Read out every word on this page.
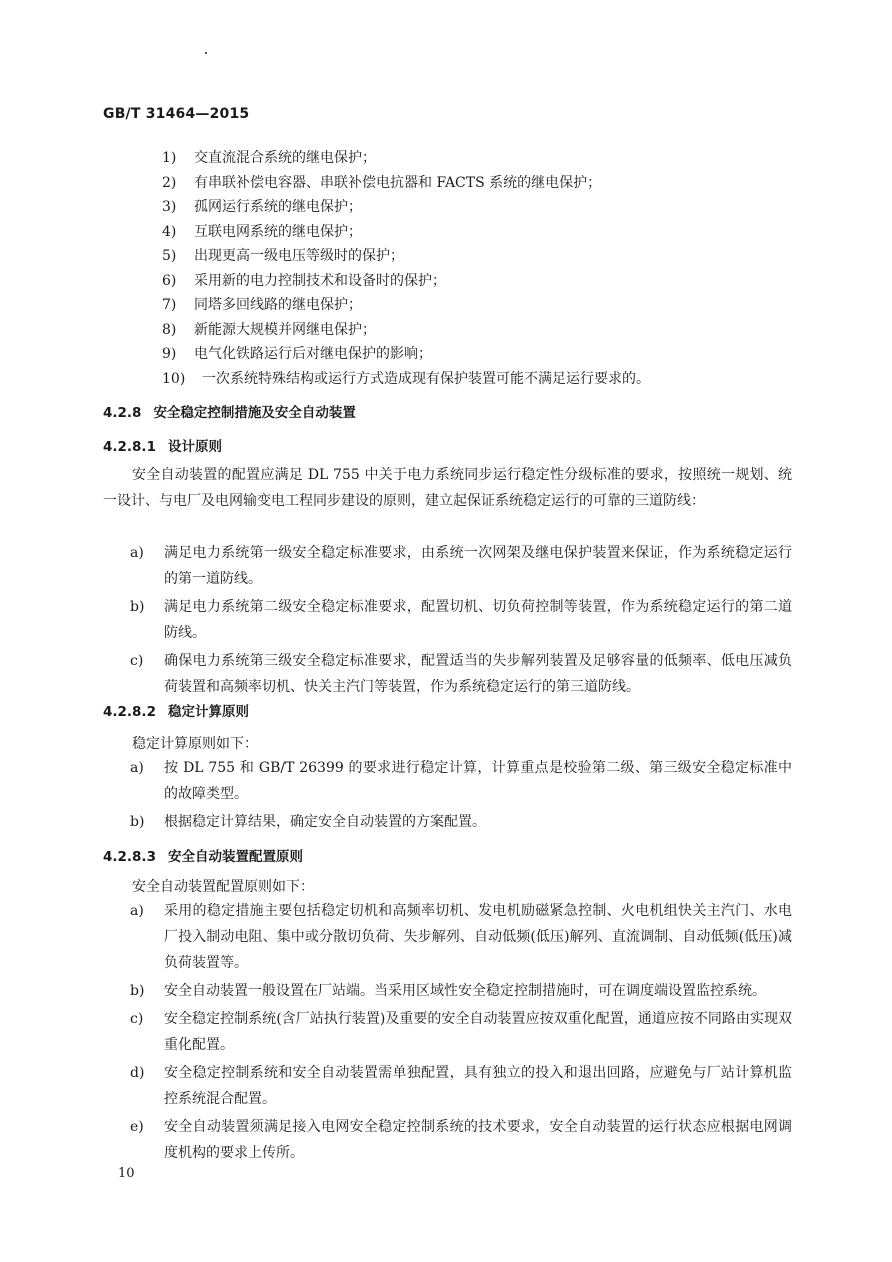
GB/T 31464—2015
1) 交直流混合系统的继电保护；
2) 有串联补偿电容器、串联补偿电抗器和 FACTS 系统的继电保护；
3) 孤网运行系统的继电保护；
4) 互联电网系统的继电保护；
5) 出现更高一级电压等级时的保护；
6) 采用新的电力控制技术和设备时的保护；
7) 同塔多回线路的继电保护；
8) 新能源大规模并网继电保护；
9) 电气化铁路运行后对继电保护的影响；
10) 一次系统特殊结构或运行方式造成现有保护装置可能不满足运行要求的。
4.2.8 安全稳定控制措施及安全自动装置
4.2.8.1 设计原则

安全自动装置的配置应满足 DL 755 中关于电力系统同步运行稳定性分级标准的要求，按照统一规划、统一设计、与电厂及电网输变电工程同步建设的原则，建立起保证系统稳定运行的可靠的三道防线：

a) 满足电力系统第一级安全稳定标准要求，由系统一次网架及继电保护装置来保证，作为系统稳定运行的第一道防线。
b) 满足电力系统第二级安全稳定标准要求，配置切机、切负荷控制等装置，作为系统稳定运行的第二道防线。
c) 确保电力系统第三级安全稳定标准要求，配置适当的失步解列装置及足够容量的低频率、低电压减负荷装置和高频率切机、快关主汽门等装置，作为系统稳定运行的第三道防线。
4.2.8.2 稳定计算原则

稳定计算原则如下：

a) 按 DL 755 和 GB/T 26399 的要求进行稳定计算，计算重点是校验第二级、第三级安全稳定标准中的故障类型。
b) 根据稳定计算结果，确定安全自动装置的方案配置。
4.2.8.3 安全自动装置配置原则

安全自动装置配置原则如下：

a) 采用的稳定措施主要包括稳定切机和高频率切机、发电机励磁紧急控制、火电机组快关主汽门、水电厂投入制动电阻、集中或分散切负荷、失步解列、自动低频(低压)解列、直流调制、自动低频(低压)减负荷装置等。
b) 安全自动装置一般设置在厂站端。当采用区域性安全稳定控制措施时，可在调度端设置监控系统。
c) 安全稳定控制系统(含厂站执行装置)及重要的安全自动装置应按双重化配置，通道应按不同路由实现双重化配置。
d) 安全稳定控制系统和安全自动装置需单独配置，具有独立的投入和退出回路，应避免与厂站计算机监控系统混合配置。
e) 安全自动装置须满足接入电网安全稳定控制系统的技术要求，安全自动装置的运行状态应根据电网调度机构的要求上传所。
10
